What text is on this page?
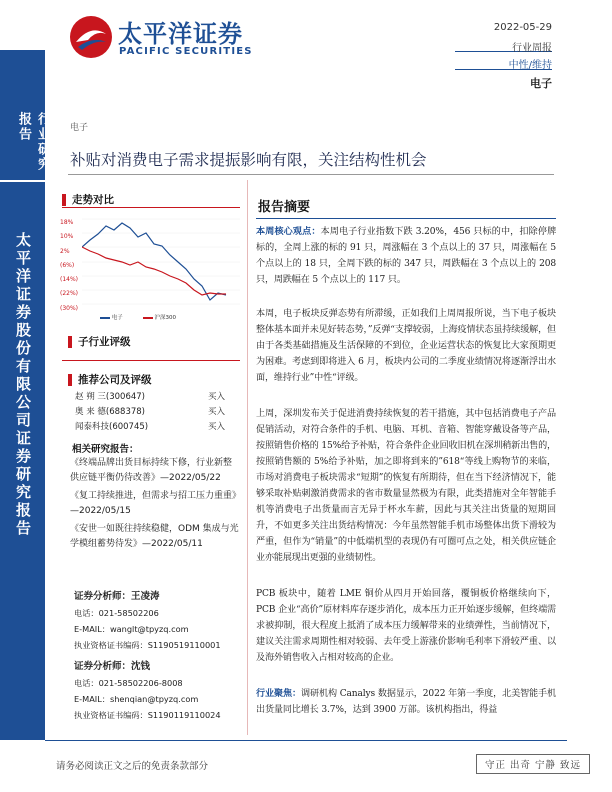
行业研究报告
太平洋证券股份有限公司证券研究报告
太平洋证券
PACIFIC SECURITIES
2022-05-29
行业周报
中性/维持
电子
电子
补贴对消费电子需求提振影响有限，关注结构性机会
走势对比
18%
10%
2%
(6%)
(14%)
(22%)
(30%)
电子	沪深300
子行业评级
推荐公司及评级
赵 朔 三(300647)	买入
奥 来 德(688378)	买入
闻泰科技(600745)	买入
相关研究报告：
《终端品牌出货目标持续下修，行业新整供应链平衡仍待改善》—2022/05/22
《复工持续推进，但需求与招工压力重重》—2022/05/15
《安世一如既往持续稳健，ODM 集成与光学模组蓄势待发》—2022/05/11
证券分析师：王凌涛
电话：021-58502206
E-MAIL：wanglt@tpyzq.com
执业资格证书编码：S1190519110001
证券分析师：沈钱
电话：021-58502206-8008
E-MAIL：shenqian@tpyzq.com
执业资格证书编码：S1190119110024
报告摘要
本周核心观点：本周电子行业指数下跌 3.20%，456 只标的中，扣除停牌标的，全周上涨的标的 91 只，周涨幅在 3 个点以上的 37 只，周涨幅在 5 个点以上的 18 只，全周下跌的标的 347 只，周跌幅在 3 个点以上的 208 只，周跌幅在 5 个点以上的 117 只。
本周，电子板块反弹态势有所滞缓，正如我们上周周报所说，当下电子板块整体基本面并未见好转态势，”反弹“支撑较弱，上海疫情状态虽持续缓解，但由于各类基础措施及生活保障的不到位，企业运营状态的恢复比大家预期更为困难。考虑到即将进入 6 月，板块内公司的二季度业绩情况将逐渐浮出水面，维持行业”中性“评级。
上周，深圳发布关于促进消费持续恢复的若干措施，其中包括消费电子产品促销活动，对符合条件的手机、电脑、耳机、音箱、智能穿戴设备等产品，按照销售价格的 15%给予补贴，符合条件企业回收旧机在深圳稍新出售的，按照销售额的 5%给予补贴，加之即将到来的”618“等线上购物节的来临，市场对消费电子板块需求“短期”的恢复有所期待，但在当下经济情况下，能够采取补贴刺激消费需求的省市数量显然极为有限，此类措施对全年智能手机等消费电子出货量而言无异于杯水车薪，因此与其关注出货量的短期回升，不如更多关注出货结构情况：今年虽然智能手机市场整体出货下滑较为严重，但作为“销量”的中低端机型的表现仍有可圈可点之处，相关供应链企业亦能展现出更强的业绩韧性。
PCB 板块中，随着 LME 铜价从四月开始回落，覆铜板价格继续向下，PCB 企业“高价”原材料库存逐步消化，成本压力正开始逐步缓解，但终端需求被抑制，很大程度上抵消了成本压力缓解带来的业绩弹性，当前情况下，建议关注需求周期性相对较弱、去年受上游涨价影响毛利率下滑较严重、以及海外销售收入占相对较高的企业。
行业聚焦：调研机构 Canalys 数据显示，2022 年第一季度，北美智能手机出货量同比增长 3.7%，达到 3900 万部。该机构指出，得益
请务必阅读正文之后的免责条款部分	守正 出奇 宁静 致远
